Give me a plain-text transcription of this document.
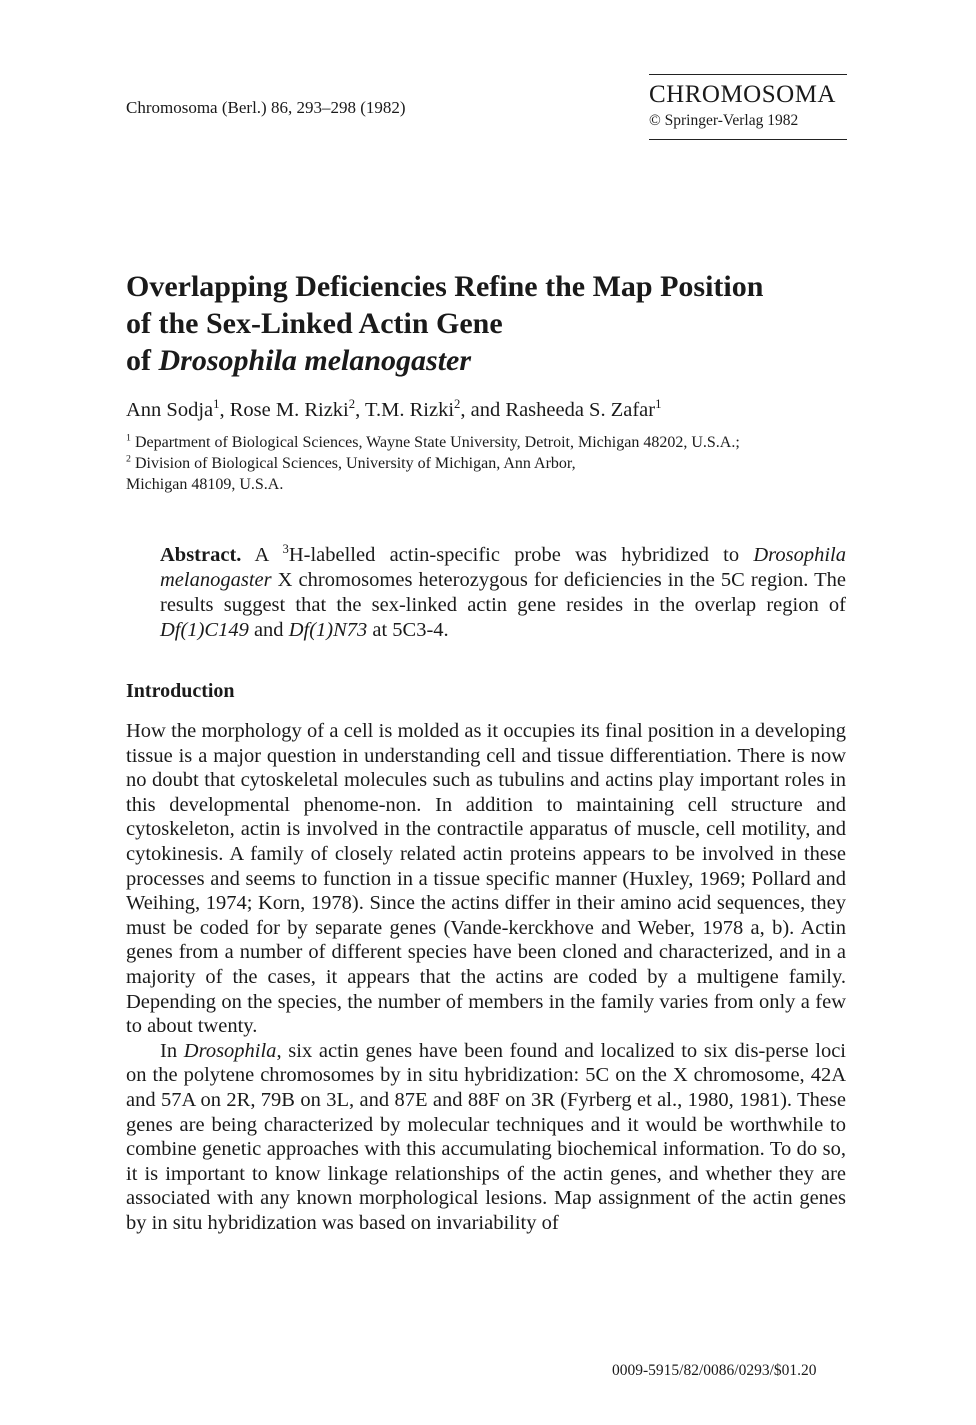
Chromosoma (Berl.) 86, 293–298 (1982)	CHROMOSOMA
© Springer-Verlag 1982
Overlapping Deficiencies Refine the Map Position
of the Sex-Linked Actin Gene
of Drosophila melanogaster
Ann Sodja$^1$, Rose M. Rizki$^2$, T.M. Rizki$^2$, and Rasheeda S. Zafar$^1$
$^1$ Department of Biological Sciences, Wayne State University, Detroit, Michigan 48202, U.S.A.;
$^2$ Division of Biological Sciences, University of Michigan, Ann Arbor,
Michigan 48109, U.S.A.
Abstract. A $^3$H-labelled actin-specific probe was hybridized to Drosophila melanogaster X chromosomes heterozygous for deficiencies in the 5C region. The results suggest that the sex-linked actin gene resides in the overlap region of Df(1)C149 and Df(1)N73 at 5C3-4.
Introduction

How the morphology of a cell is molded as it occupies its final position in a developing tissue is a major question in understanding cell and tissue differentiation. There is now no doubt that cytoskeletal molecules such as tubulins and actins play important roles in this developmental phenome-non. In addition to maintaining cell structure and cytoskeleton, actin is involved in the contractile apparatus of muscle, cell motility, and cytokinesis. A family of closely related actin proteins appears to be involved in these processes and seems to function in a tissue specific manner (Huxley, 1969; Pollard and Weihing, 1974; Korn, 1978). Since the actins differ in their amino acid sequences, they must be coded for by separate genes (Vande-kerckhove and Weber, 1978 a, b). Actin genes from a number of different species have been cloned and characterized, and in a majority of the cases, it appears that the actins are coded by a multigene family. Depending on the species, the number of members in the family varies from only a few to about twenty.

In Drosophila, six actin genes have been found and localized to six dis-perse loci on the polytene chromosomes by in situ hybridization: 5C on the X chromosome, 42A and 57A on 2R, 79B on 3L, and 87E and 88F on 3R (Fyrberg et al., 1980, 1981). These genes are being characterized by molecular techniques and it would be worthwhile to combine genetic approaches with this accumulating biochemical information. To do so, it is important to know linkage relationships of the actin genes, and whether they are associated with any known morphological lesions. Map assignment of the actin genes by in situ hybridization was based on invariability of

0009-5915/82/0086/0293/$01.20
